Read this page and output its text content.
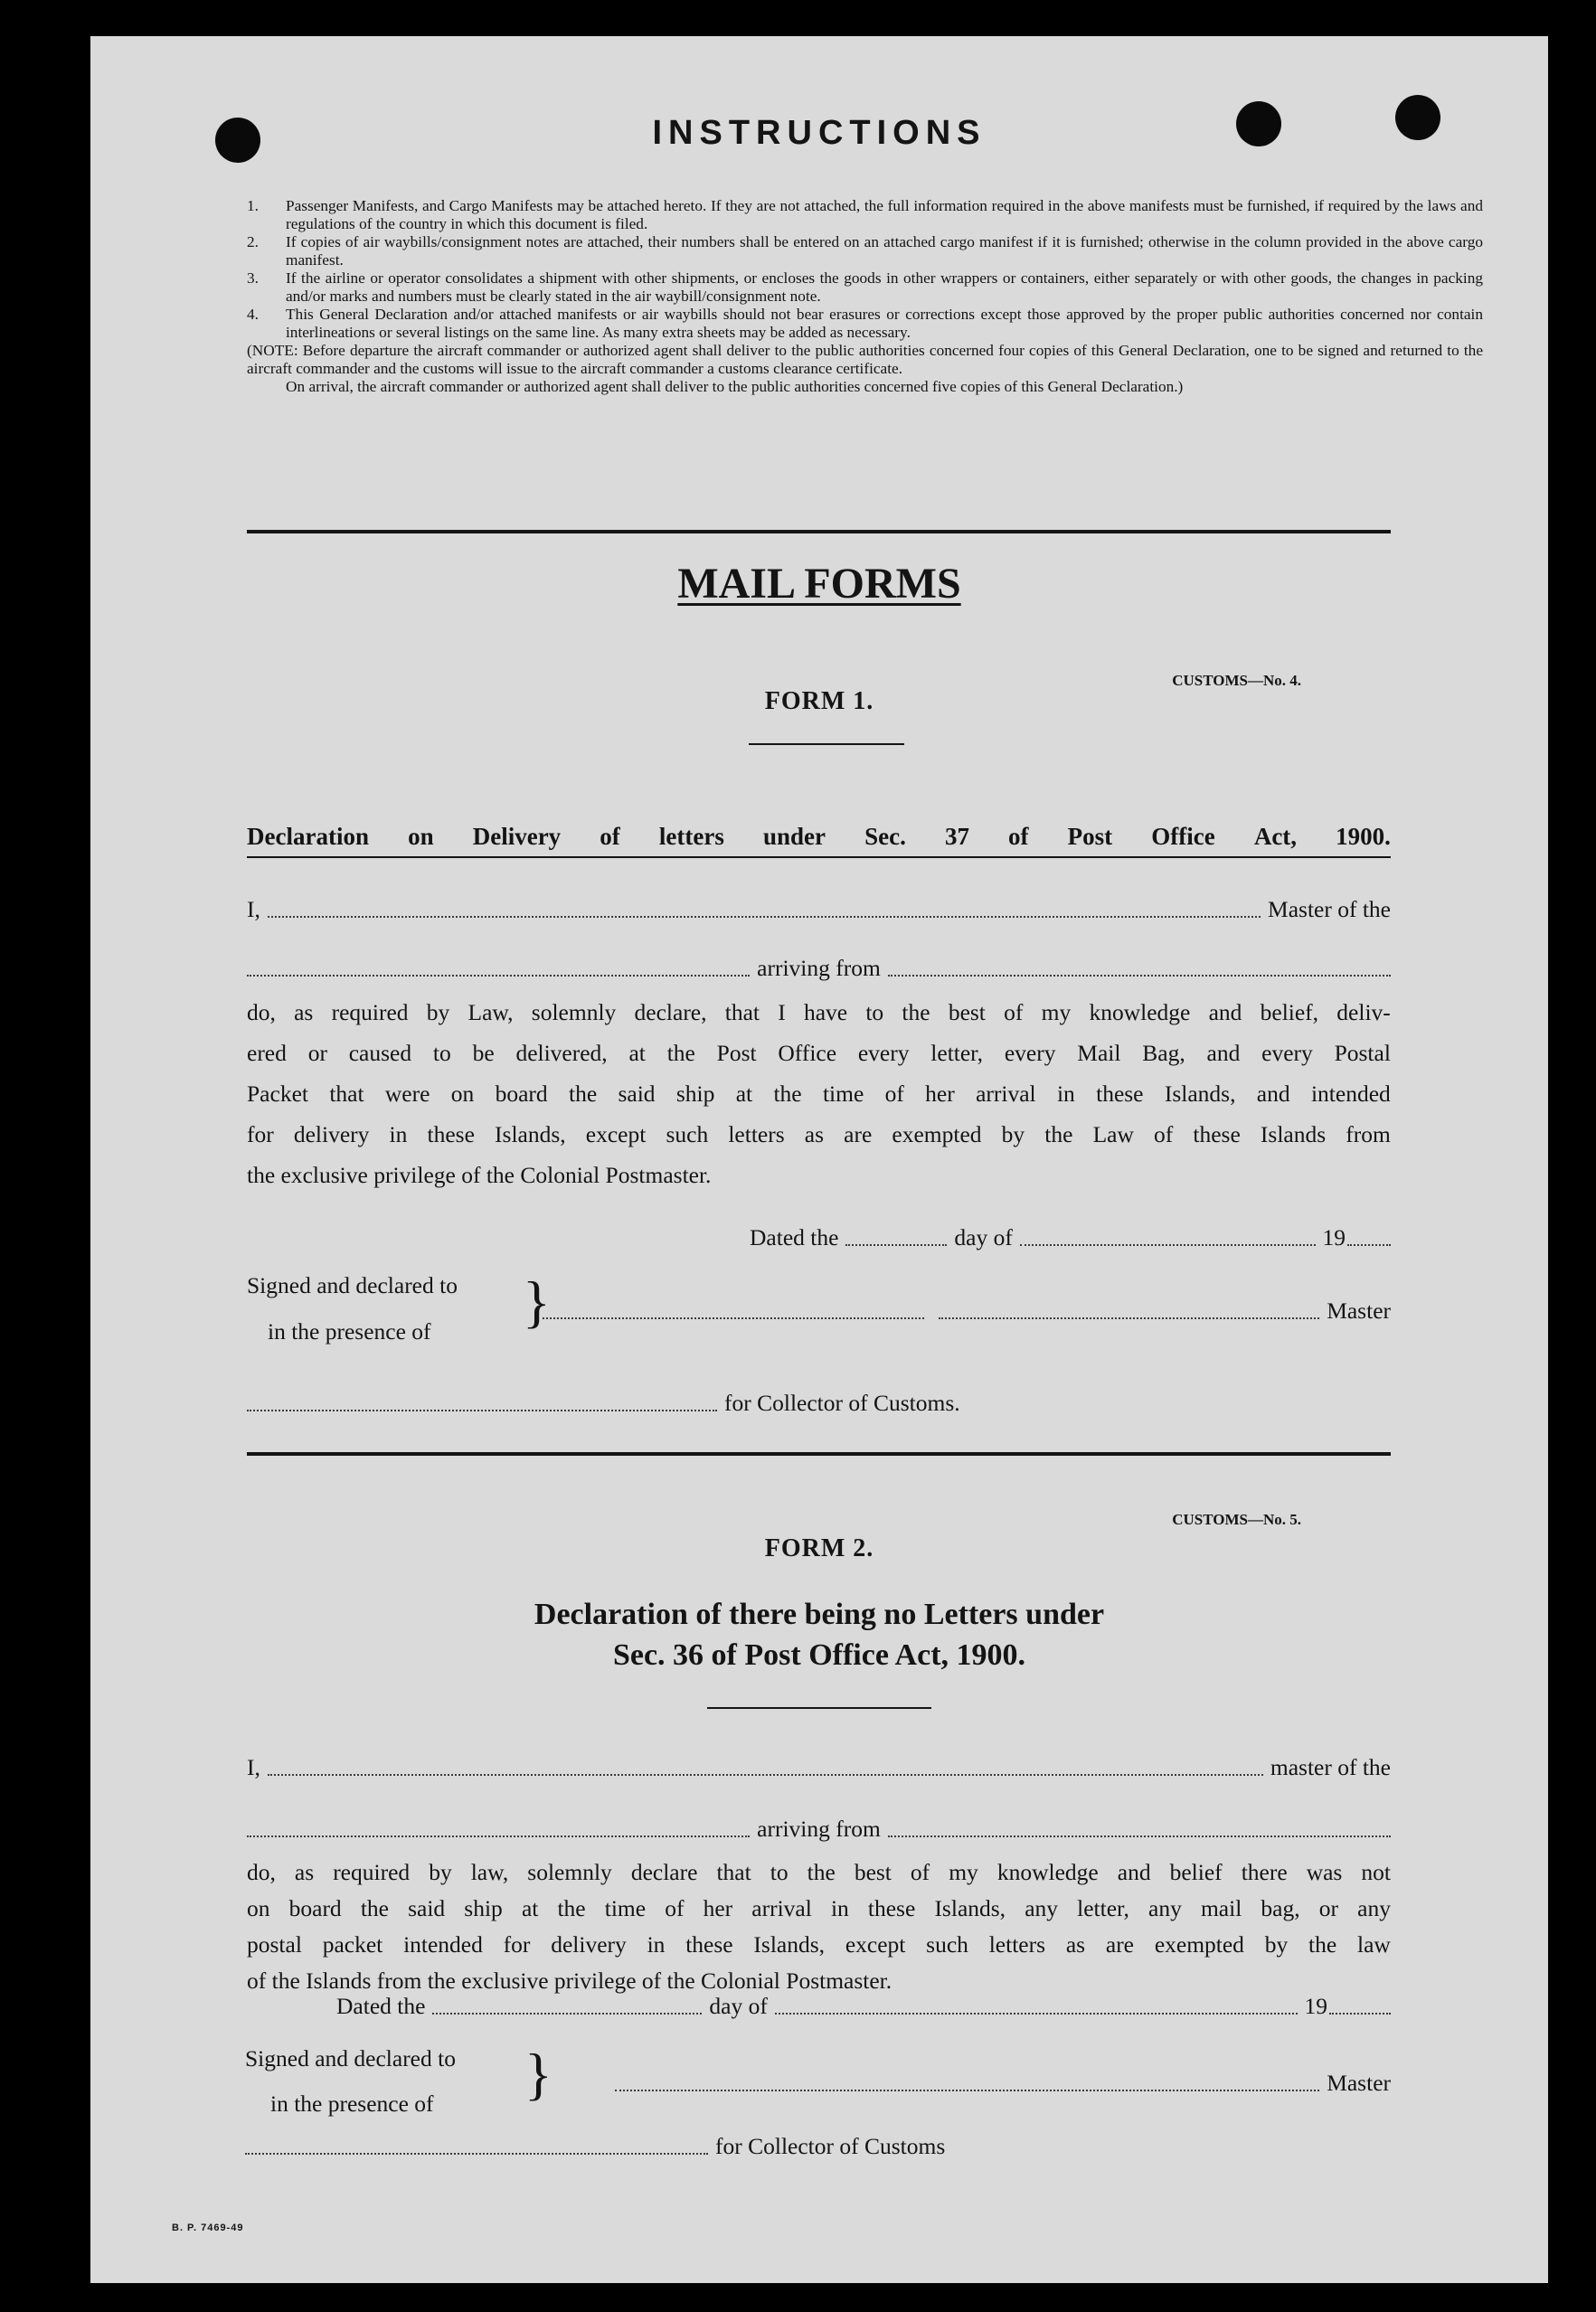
INSTRUCTIONS
1. Passenger Manifests, and Cargo Manifests may be attached hereto. If they are not attached, the full information required in the above manifests must be furnished, if required by the laws and regulations of the country in which this document is filed.
2. If copies of air waybills/consignment notes are attached, their numbers shall be entered on an attached cargo manifest if it is furnished; otherwise in the column provided in the above cargo manifest.
3. If the airline or operator consolidates a shipment with other shipments, or encloses the goods in other wrappers or containers, either separately or with other goods, the changes in packing and/or marks and numbers must be clearly stated in the air waybill/consignment note.
4. This General Declaration and/or attached manifests or air waybills should not bear erasures or corrections except those approved by the proper public authorities concerned nor contain interlineations or several listings on the same line. As many extra sheets may be added as necessary.
(NOTE: Before departure the aircraft commander or authorized agent shall deliver to the public authorities concerned four copies of this General Declaration, one to be signed and returned to the aircraft commander and the customs will issue to the aircraft commander a customs clearance certificate.
On arrival, the aircraft commander or authorized agent shall deliver to the public authorities concerned five copies of this General Declaration.)
MAIL FORMS
CUSTOMS—No. 4.
FORM 1.
Declaration on Delivery of letters under Sec. 37 of Post Office Act, 1900.
I,	Master of the
arriving from
do, as required by Law, solemnly declare, that I have to the best of my knowledge and belief, deliv-
ered or caused to be delivered, at the Post Office every letter, every Mail Bag, and every Postal
Packet that were on board the said ship at the time of her arrival in these Islands, and intended
for delivery in these Islands, except such letters as are exempted by the Law of these Islands from
the exclusive privilege of the Colonial Postmaster.
Dated the	day of	19
Signed and declared to
in the presence of }	Master
for Collector of Customs.
CUSTOMS—No. 5.
FORM 2.
Declaration of there being no Letters under
Sec. 36 of Post Office Act, 1900.
I,	master of the
arriving from
do, as required by law, solemnly declare that to the best of my knowledge and belief there was not
on board the said ship at the time of her arrival in these Islands, any letter, any mail bag, or any
postal packet intended for delivery in these Islands, except such letters as are exempted by the law
of the Islands from the exclusive privilege of the Colonial Postmaster.
Dated the	day of	19
Signed and declared to
in the presence of }	Master
for Collector of Customs
B. P. 7469-49
